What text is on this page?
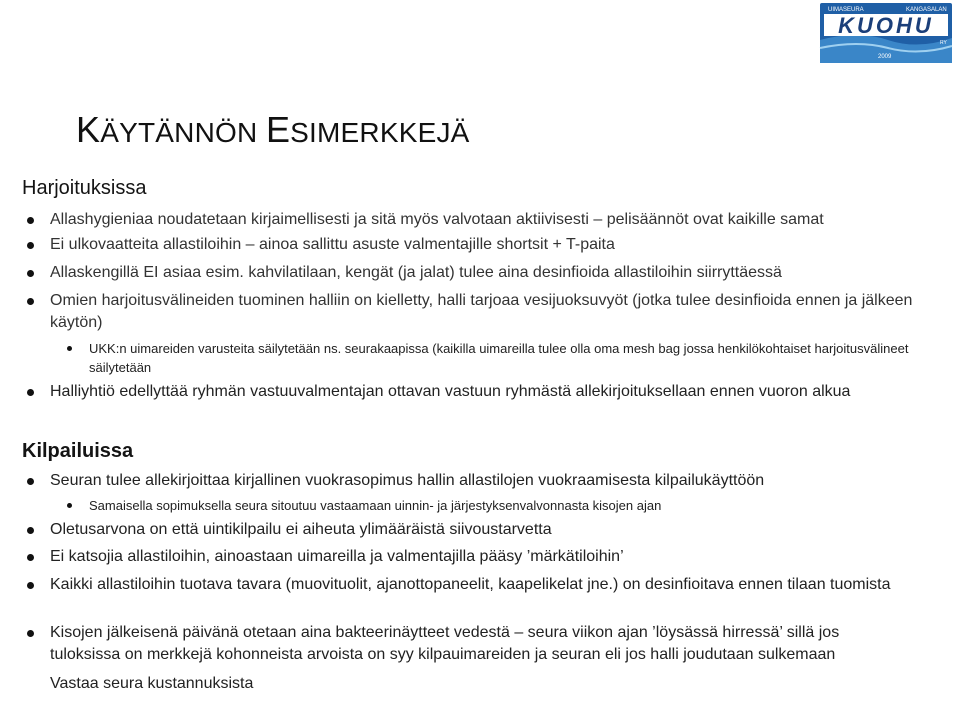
UIMASEURA	KANGASALAN
KUOHU
RY
2009
KÄYTÄNNÖN ESIMERKKEJÄ
Harjoituksissa
Allashygieniaa noudatetaan kirjaimellisesti ja sitä myös valvotaan aktiivisesti – pelisäännöt ovat kaikille samat
Ei ulkovaatteita allastiloihin – ainoa sallittu asuste valmentajille shortsit + T-paita
Allaskengillä EI asiaa esim. kahvilatilaan, kengät (ja jalat) tulee aina desinfioida allastiloihin siirryttäessä
Omien harjoitusvälineiden tuominen halliin on kielletty, halli tarjoaa vesijuoksuvyöt (jotka tulee desinfioida ennen ja jälkeen käytön)
UKK:n uimareiden varusteita säilytetään ns. seurakaapissa (kaikilla uimareilla tulee olla oma mesh bag jossa henkilökohtaiset harjoitusvälineet säilytetään
Halliyhtiö edellyttää ryhmän vastuuvalmentajan ottavan vastuun ryhmästä allekirjoituksellaan ennen vuoron alkua
Kilpailuissa
Seuran tulee allekirjoittaa kirjallinen vuokrasopimus hallin allastilojen vuokraamisesta kilpailukäyttöön
Samaisella sopimuksella seura sitoutuu vastaamaan uinnin- ja järjestyksenvalvonnasta kisojen ajan
Oletusarvona on että uintikilpailu ei aiheuta ylimääräistä siivoustarvetta
Ei katsojia allastiloihin, ainoastaan uimareilla ja valmentajilla pääsy ’märkätiloihin’
Kaikki allastiloihin tuotava tavara (muovituolit, ajanottopaneelit, kaapelikelat jne.) on desinfioitava ennen tilaan tuomista
Kisojen jälkeisenä päivänä otetaan aina bakteerinäytteet vedestä – seura viikon ajan ’löysässä hirressä’ sillä jos tuloksissa on merkkejä kohonneista arvoista on syy kilpauimareiden ja seuran eli jos halli joudutaan sulkemaan
Vastaa seura kustannuksista
